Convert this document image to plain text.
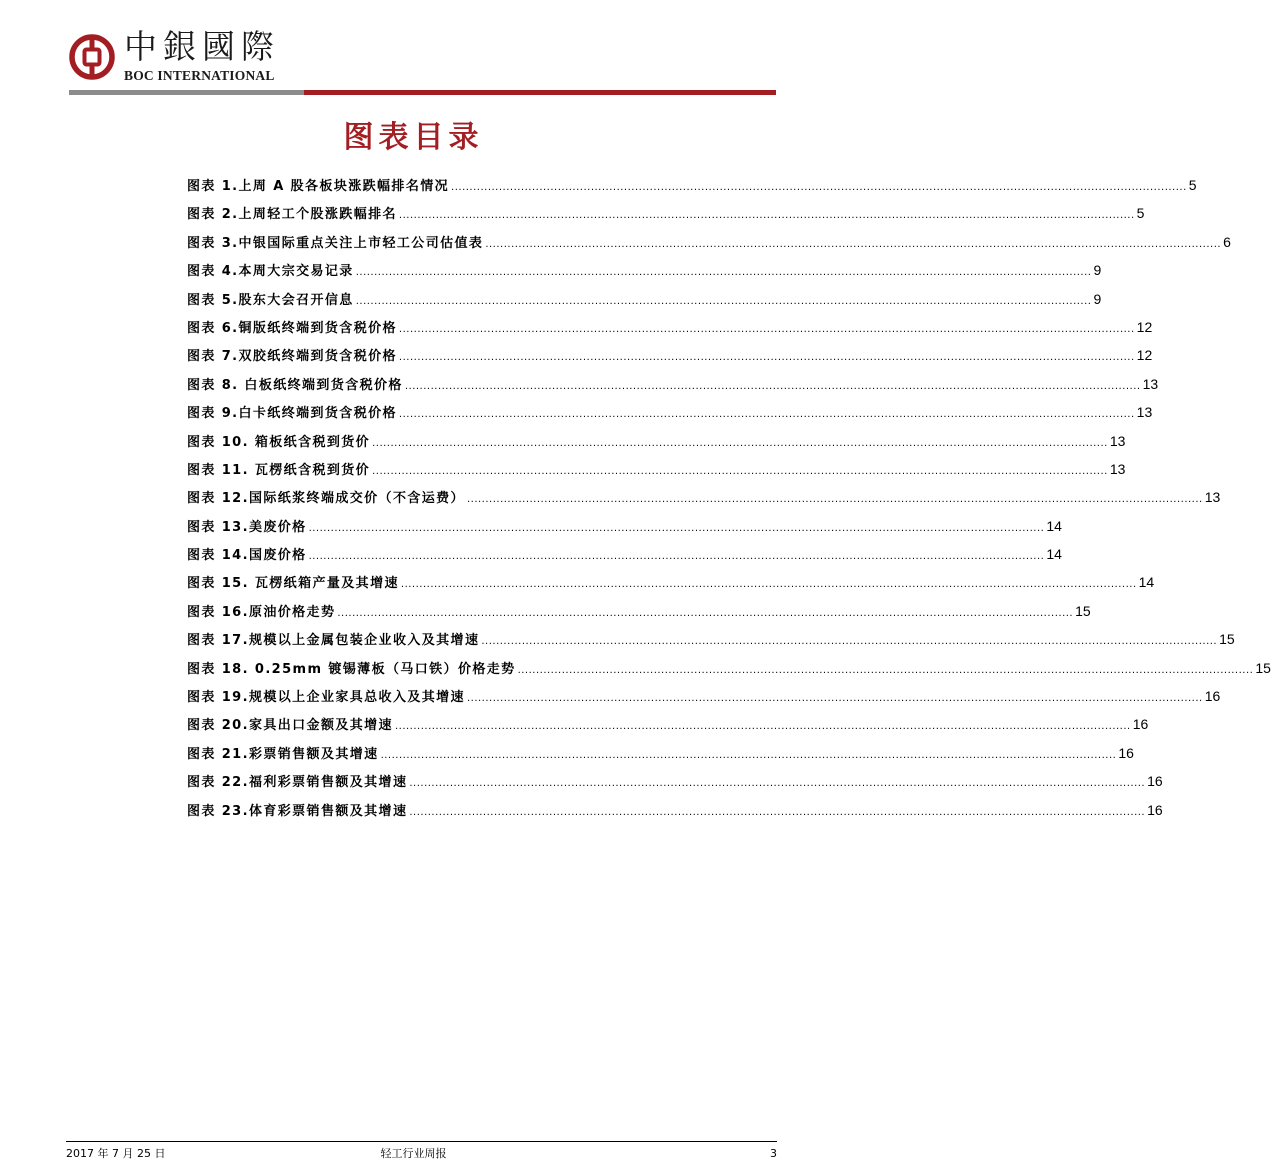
中銀國際
BOC INTERNATIONAL
图表目录
图表 1.上周 A 股各板块涨跌幅排名情况 ........................................................................................................................................................................................................ 5
图表 2.上周轻工个股涨跌幅排名 ........................................................................................................................................................................................................ 5
图表 3.中银国际重点关注上市轻工公司估值表 ........................................................................................................................................................................................................ 6
图表 4.本周大宗交易记录 ........................................................................................................................................................................................................ 9
图表 5.股东大会召开信息 ........................................................................................................................................................................................................ 9
图表 6.铜版纸终端到货含税价格 ........................................................................................................................................................................................................ 12
图表 7.双胶纸终端到货含税价格 ........................................................................................................................................................................................................ 12
图表 8. 白板纸终端到货含税价格 ........................................................................................................................................................................................................ 13
图表 9.白卡纸终端到货含税价格 ........................................................................................................................................................................................................ 13
图表 10. 箱板纸含税到货价 ........................................................................................................................................................................................................ 13
图表 11. 瓦楞纸含税到货价 ........................................................................................................................................................................................................ 13
图表 12.国际纸浆终端成交价（不含运费） ........................................................................................................................................................................................................ 13
图表 13.美废价格 ........................................................................................................................................................................................................ 14
图表 14.国废价格 ........................................................................................................................................................................................................ 14
图表 15. 瓦楞纸箱产量及其增速 ........................................................................................................................................................................................................ 14
图表 16.原油价格走势 ........................................................................................................................................................................................................ 15
图表 17.规模以上金属包装企业收入及其增速 ........................................................................................................................................................................................................ 15
图表 18. 0.25mm 镀锡薄板（马口铁）价格走势 ........................................................................................................................................................................................................ 15
图表 19.规模以上企业家具总收入及其增速 ........................................................................................................................................................................................................ 16
图表 20.家具出口金额及其增速 ........................................................................................................................................................................................................ 16
图表 21.彩票销售额及其增速 ........................................................................................................................................................................................................ 16
图表 22.福利彩票销售额及其增速 ........................................................................................................................................................................................................ 16
图表 23.体育彩票销售额及其增速 ........................................................................................................................................................................................................ 16
2017 年 7 月 25 日	轻工行业周报	3
